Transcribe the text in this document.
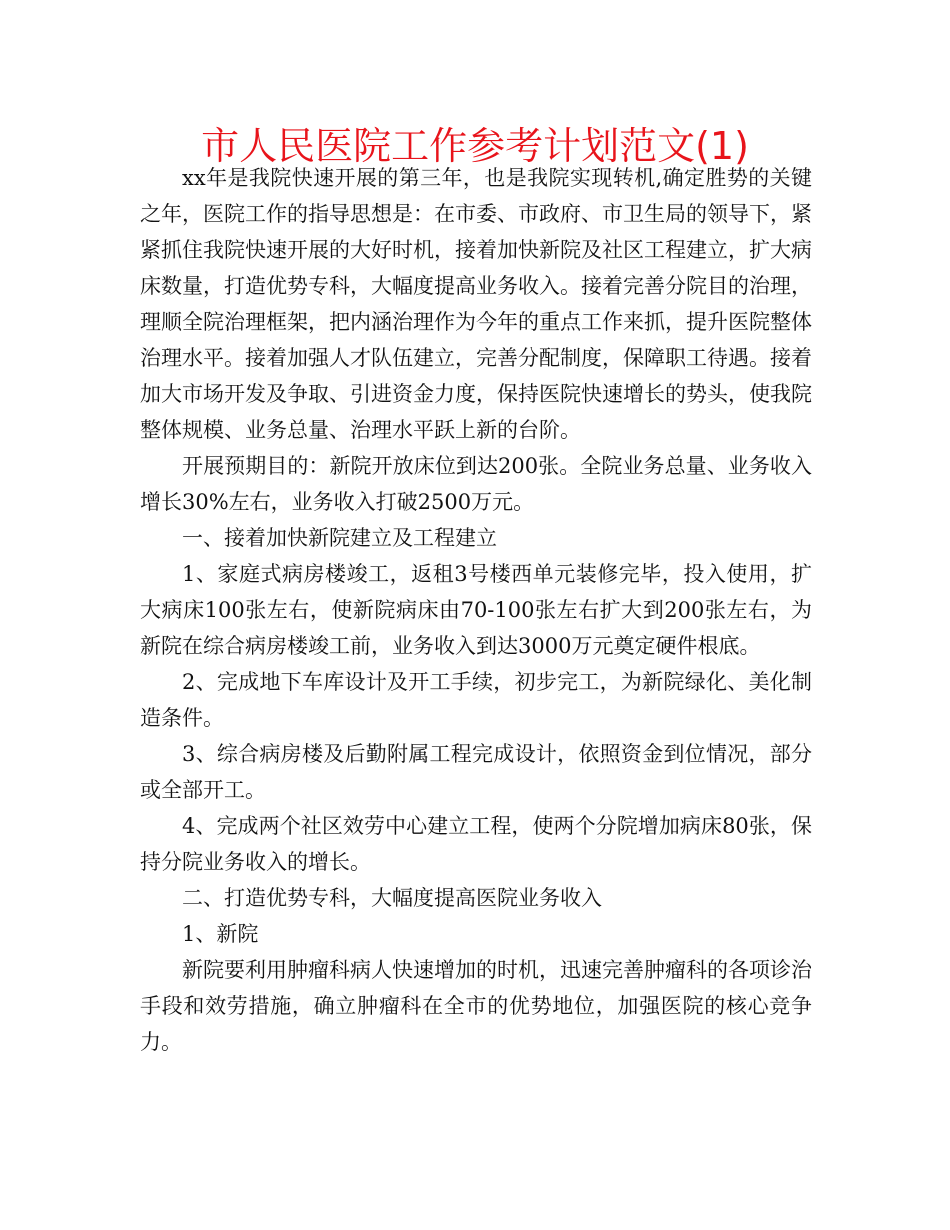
市人民医院工作参考计划范文(1)

xx年是我院快速开展的第三年，也是我院实现转机,确定胜势的关键之年，医院工作的指导思想是：在市委、市政府、市卫生局的领导下，紧紧抓住我院快速开展的大好时机，接着加快新院及社区工程建立，扩大病床数量，打造优势专科，大幅度提高业务收入。接着完善分院目的治理，理顺全院治理框架，把内涵治理作为今年的重点工作来抓，提升医院整体治理水平。接着加强人才队伍建立，完善分配制度，保障职工待遇。接着加大市场开发及争取、引进资金力度，保持医院快速增长的势头，使我院整体规模、业务总量、治理水平跃上新的台阶。

开展预期目的：新院开放床位到达200张。全院业务总量、业务收入增长30%左右，业务收入打破2500万元。

一、接着加快新院建立及工程建立

1、家庭式病房楼竣工，返租3号楼西单元装修完毕，投入使用，扩大病床100张左右，使新院病床由70-100张左右扩大到200张左右，为新院在综合病房楼竣工前，业务收入到达3000万元奠定硬件根底。

2、完成地下车库设计及开工手续，初步完工，为新院绿化、美化制造条件。

3、综合病房楼及后勤附属工程完成设计，依照资金到位情况，部分或全部开工。

4、完成两个社区效劳中心建立工程，使两个分院增加病床80张，保持分院业务收入的增长。

二、打造优势专科，大幅度提高医院业务收入

1、新院

新院要利用肿瘤科病人快速增加的时机，迅速完善肿瘤科的各项诊治手段和效劳措施，确立肿瘤科在全市的优势地位，加强医院的核心竞争力。
